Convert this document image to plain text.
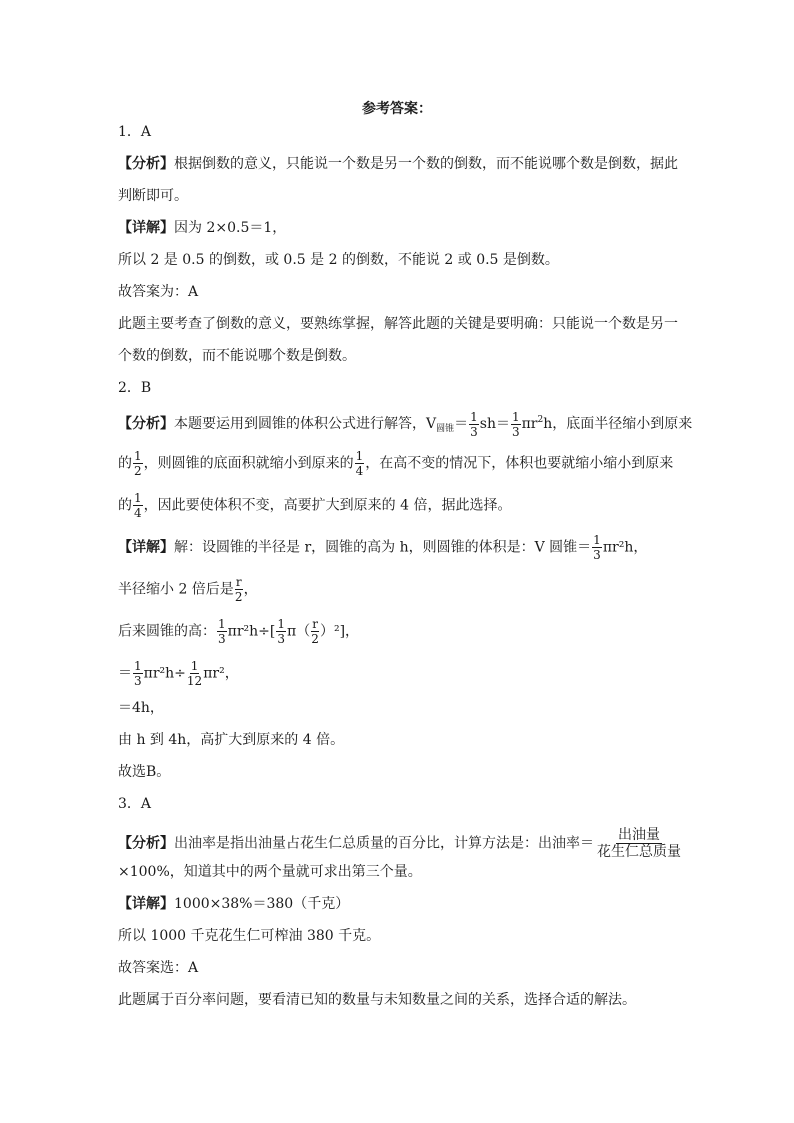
参考答案：
1．A
【分析】根据倒数的意义，只能说一个数是另一个数的倒数，而不能说哪个数是倒数，据此
判断即可。
【详解】因为 2×0.5＝1，
所以 2 是 0.5 的倒数，或 0.5 是 2 的倒数，不能说 2 或 0.5 是倒数。
故答案为：A
此题主要考查了倒数的意义，要熟练掌握，解答此题的关键是要明确：只能说一个数是另一
个数的倒数，而不能说哪个数是倒数。
2．B
【分析】本题要运用到圆锥的体积公式进行解答，$V_{圆锥}= \frac{1}{3} sh= \frac{1}{3} \pi r^2h$，底面半径缩小到原来
的 $\frac{1}{2}$ ，则圆锥的底面积就缩小到原来的 $\frac{1}{4}$ ，在高不变的情况下，体积也要就缩小缩小到原来
的 $\frac{1}{4}$ ，因此要使体积不变，高要扩大到原来的 4 倍，据此选择。
【详解】解：设圆锥的半径是 r，圆锥的高为 h，则圆锥的体积是：V 圆锥＝ $\frac{1}{3} \pi r^2h$，
半径缩小 2 倍后是 $\frac{r}{2}$ ，
后来圆锥的高： $\frac{1}{3} \pi r^2h\div[ \frac{1}{3} \pi( \frac{r}{2} )^2]$，
＝ $\frac{1}{3} \pi r^2h\div \frac{1}{12} \pi r^2$，
＝4h，
由 h 到 4h，高扩大到原来的 4 倍。
故选B。
3．A
【分析】出油率是指出油量占花生仁总质量的百分比，计算方法是：出油率＝ $\frac{\text{出油量}}{\text{花生仁总质量}}$
×100%，知道其中的两个量就可求出第三个量。
【详解】1000×38%＝380（千克）
所以 1000 千克花生仁可榨油 380 千克。
故答案选：A
此题属于百分率问题，要看清已知的数量与未知数量之间的关系，选择合适的解法。
